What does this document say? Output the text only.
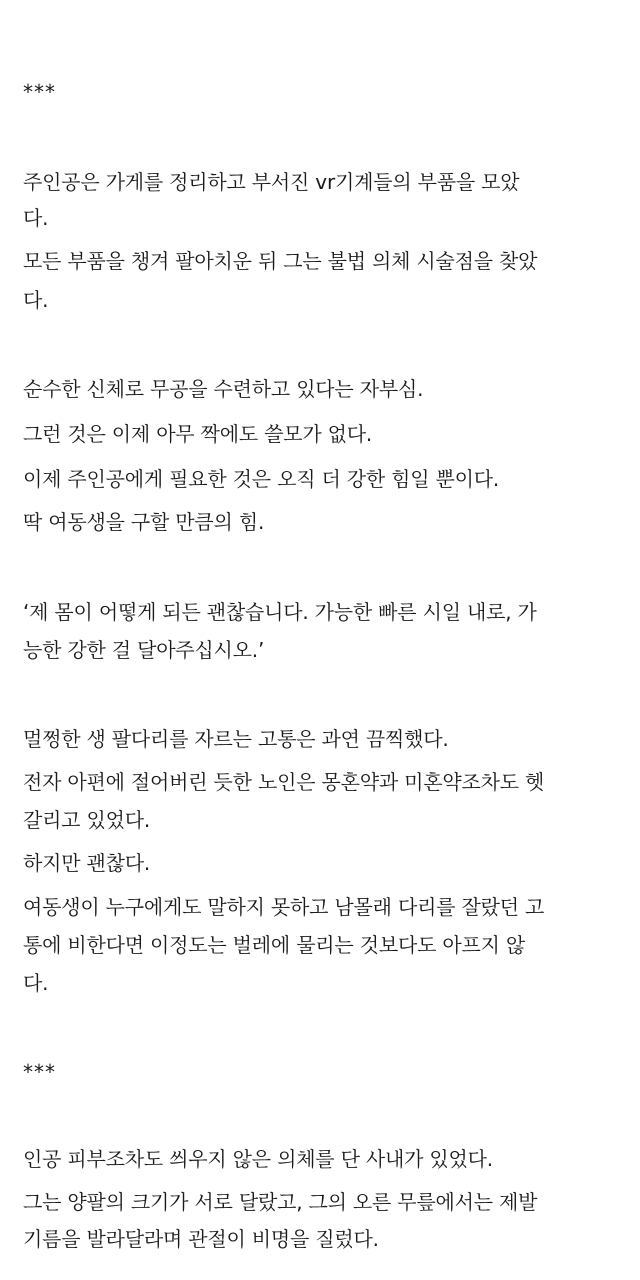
***
주인공은 가게를 정리하고 부서진 vr기계들의 부품을 모았
다.
모든 부품을 챙겨 팔아치운 뒤 그는 불법 의체 시술점을 찾았
다.
순수한 신체로 무공을 수련하고 있다는 자부심.
그런 것은 이제 아무 짝에도 쓸모가 없다.
이제 주인공에게 필요한 것은 오직 더 강한 힘일 뿐이다.
딱 여동생을 구할 만큼의 힘.
‘제 몸이 어떻게 되든 괜찮습니다. 가능한 빠른 시일 내로, 가
능한 강한 걸 달아주십시오.’
멀쩡한 생 팔다리를 자르는 고통은 과연 끔찍했다.
전자 아편에 절어버린 듯한 노인은 몽혼약과 미혼약조차도 헷
갈리고 있었다.
하지만 괜찮다.
여동생이 누구에게도 말하지 못하고 남몰래 다리를 잘랐던 고
통에 비한다면 이정도는 벌레에 물리는 것보다도 아프지 않
다.
***
인공 피부조차도 씌우지 않은 의체를 단 사내가 있었다.
그는 양팔의 크기가 서로 달랐고, 그의 오른 무릎에서는 제발
기름을 발라달라며 관절이 비명을 질렀다.
